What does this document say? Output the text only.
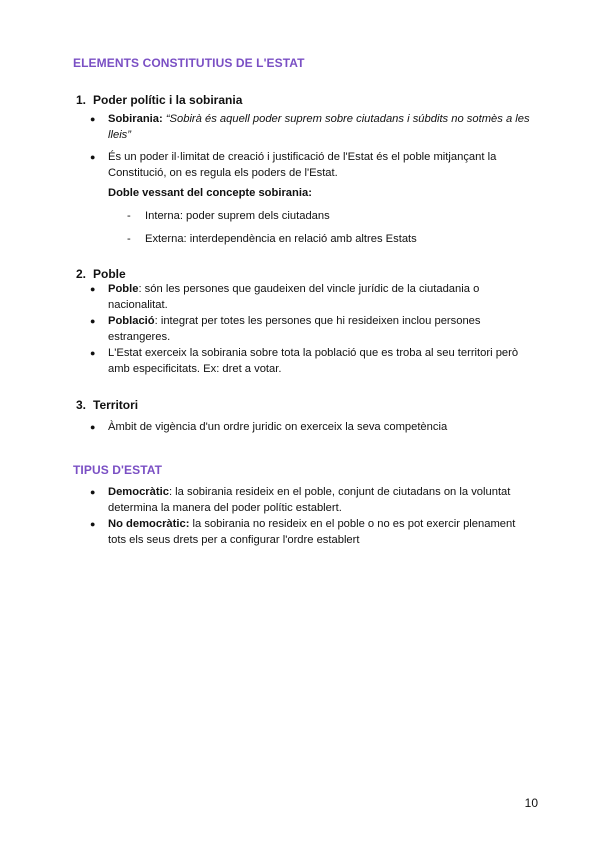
ELEMENTS CONSTITUTIUS DE L'ESTAT
1. Poder polític i la sobirania
●	Sobirania: “Sobirà és aquell poder suprem sobre ciutadans i súbdits no sotmès a les lleis”
●	És un poder il·limitat de creació i justificació de l'Estat és el poble mitjançant la Constitució, on es regula els poders de l'Estat.
Doble vessant del concepte sobirania:
- Interna: poder suprem dels ciutadans
- Externa: interdependència en relació amb altres Estats
2. Poble
●	Poble: són les persones que gaudeixen del vincle jurídic de la ciutadania o nacionalitat.
●	Població: integrat per totes les persones que hi resideixen inclou persones estrangeres.
●	L'Estat exerceix la sobirania sobre tota la població que es troba al seu territori però amb especificitats. Ex: dret a votar.
3. Territori
●	Àmbit de vigència d'un ordre juridic on exerceix la seva competència
TIPUS D'ESTAT
●	Democràtic: la sobirania resideix en el poble, conjunt de ciutadans on la voluntat determina la manera del poder polític establert.
●	No democràtic: la sobirania no resideix en el poble o no es pot exercir plenament tots els seus drets per a configurar l'ordre establert
10
